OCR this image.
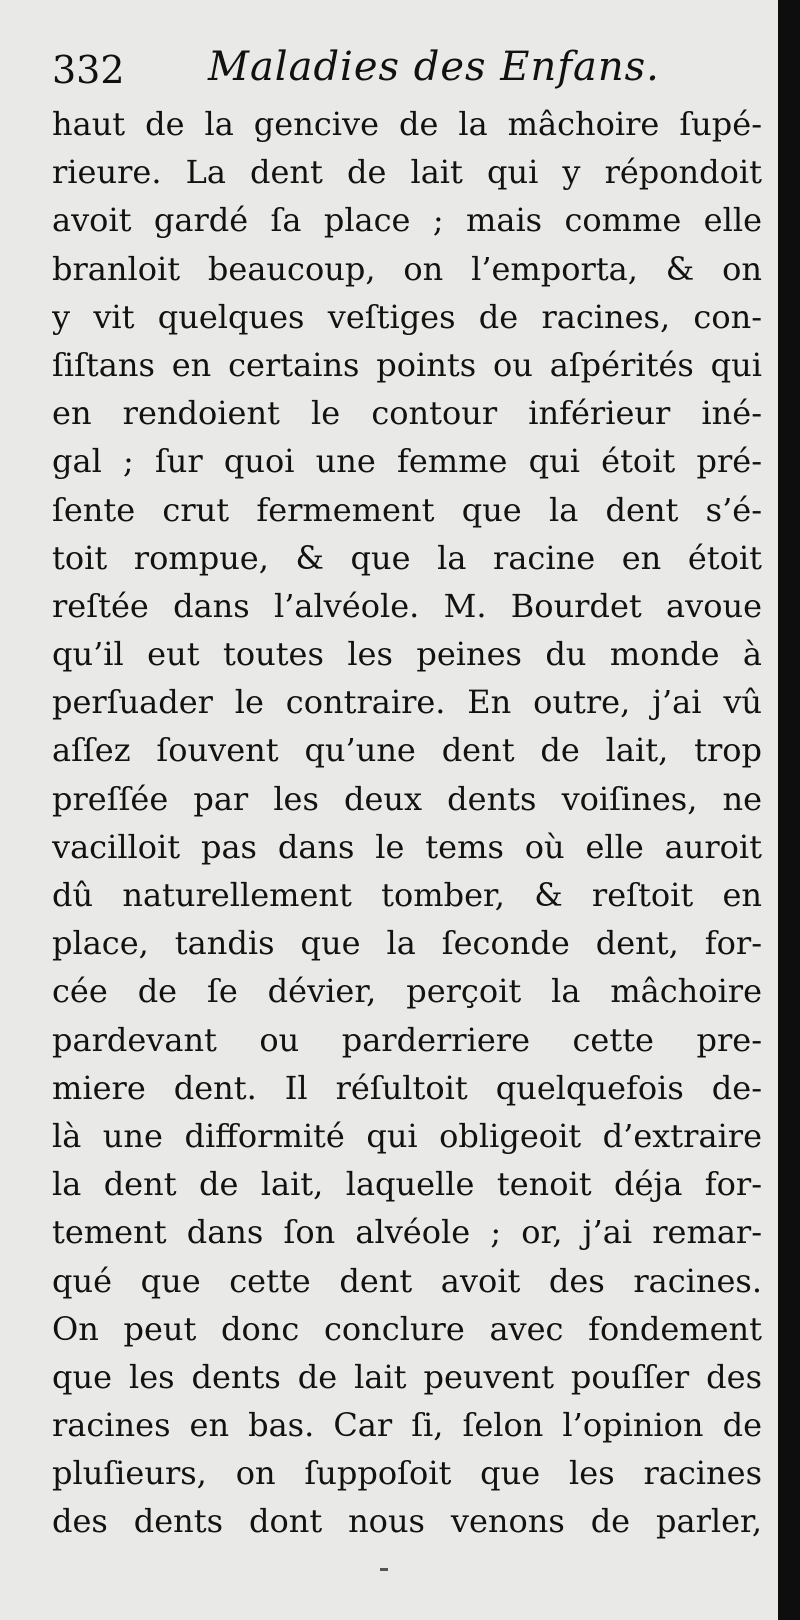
332 Maladies des Enfans.
haut de la gencive de la mâchoire ſupé-
rieure. La dent de lait qui y répondoit
avoit gardé ſa place ; mais comme elle
branloit beaucoup, on l’emporta, & on
y vit quelques veſtiges de racines, con-
ſiſtans en certains points ou aſpérités qui
en rendoient le contour inférieur iné-
gal ; ſur quoi une femme qui étoit pré-
ſente crut fermement que la dent s’é-
toit rompue, & que la racine en étoit
reſtée dans l’alvéole. M. Bourdet avoue
qu’il eut toutes les peines du monde à
perſuader le contraire. En outre, j’ai vû
aſſez ſouvent qu’une dent de lait, trop
preſſée par les deux dents voiſines, ne
vacilloit pas dans le tems où elle auroit
dû naturellement tomber, & reſtoit en
place, tandis que la ſeconde dent, for-
cée de ſe dévier, perçoit la mâchoire
pardevant ou parderriere cette pre-
miere dent. Il réſultoit quelquefois de-
là une difformité qui obligeoit d’extraire
la dent de lait, laquelle tenoit déja for-
tement dans ſon alvéole ; or, j’ai remar-
qué que cette dent avoit des racines.
On peut donc conclure avec fondement
que les dents de lait peuvent pouſſer des
racines en bas. Car ſi, ſelon l’opinion de
pluſieurs, on ſuppoſoit que les racines
des dents dont nous venons de parler,
